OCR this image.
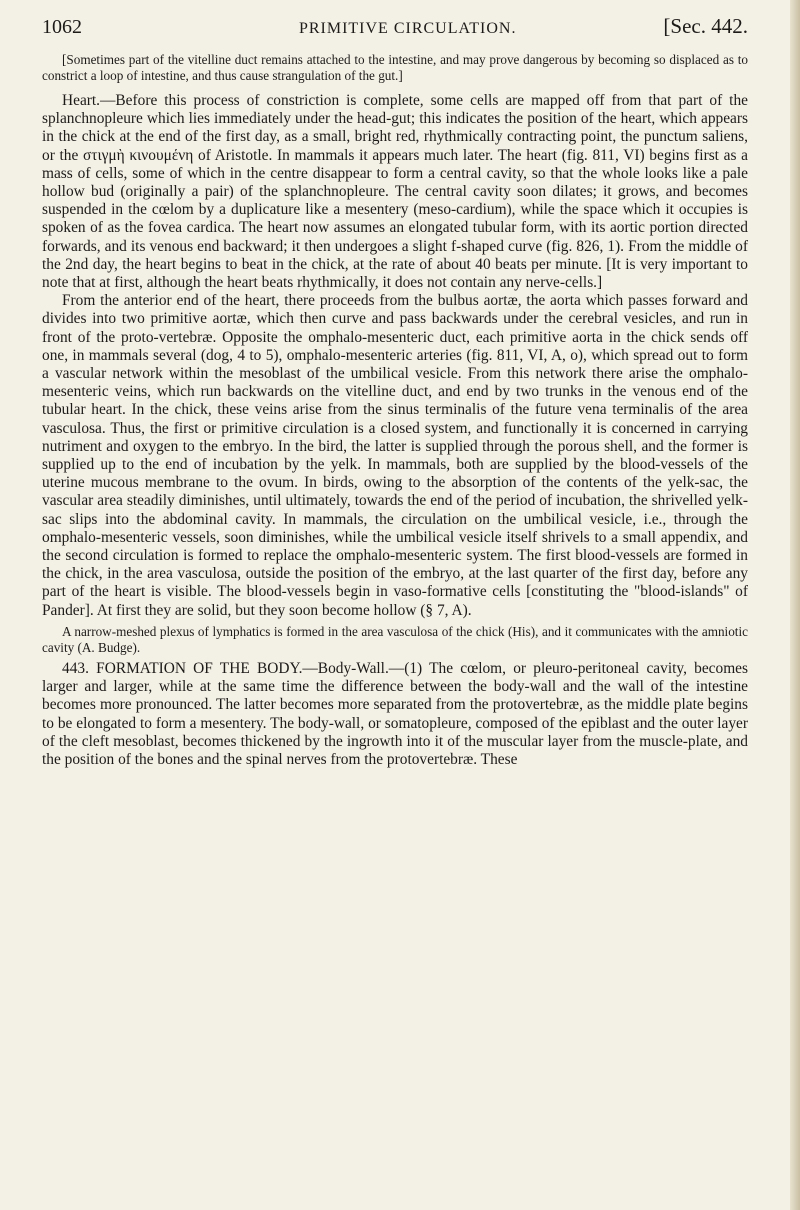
1062	PRIMITIVE CIRCULATION.	[Sec. 442.

[Sometimes part of the vitelline duct remains attached to the intestine, and may prove dangerous by becoming so displaced as to constrict a loop of intestine, and thus cause strangulation of the gut.]

Heart.—Before this process of constriction is complete, some cells are mapped off from that part of the splanchnopleure which lies immediately under the head-gut; this indicates the position of the heart, which appears in the chick at the end of the first day, as a small, bright red, rhythmically contracting point, the punctum saliens, or the στιγμὴ κινουμένη of Aristotle. In mammals it appears much later. The heart (fig. 811, VI) begins first as a mass of cells, some of which in the centre disappear to form a central cavity, so that the whole looks like a pale hollow bud (originally a pair) of the splanchnopleure. The central cavity soon dilates; it grows, and becomes suspended in the cœlom by a duplicature like a mesentery (meso-cardium), while the space which it occupies is spoken of as the fovea cardica. The heart now assumes an elongated tubular form, with its aortic portion directed forwards, and its venous end backward; it then undergoes a slight f-shaped curve (fig. 826, 1). From the middle of the 2nd day, the heart begins to beat in the chick, at the rate of about 40 beats per minute. [It is very important to note that at first, although the heart beats rhythmically, it does not contain any nerve-cells.]

From the anterior end of the heart, there proceeds from the bulbus aortæ, the aorta which passes forward and divides into two primitive aortæ, which then curve and pass backwards under the cerebral vesicles, and run in front of the proto-vertebræ. Opposite the omphalo-mesenteric duct, each primitive aorta in the chick sends off one, in mammals several (dog, 4 to 5), omphalo-mesenteric arteries (fig. 811, VI, A, o), which spread out to form a vascular network within the mesoblast of the umbilical vesicle. From this network there arise the omphalo-mesenteric veins, which run backwards on the vitelline duct, and end by two trunks in the venous end of the tubular heart. In the chick, these veins arise from the sinus terminalis of the future vena terminalis of the area vasculosa. Thus, the first or primitive circulation is a closed system, and functionally it is concerned in carrying nutriment and oxygen to the embryo. In the bird, the latter is supplied through the porous shell, and the former is supplied up to the end of incubation by the yelk. In mammals, both are supplied by the blood-vessels of the uterine mucous membrane to the ovum. In birds, owing to the absorption of the contents of the yelk-sac, the vascular area steadily diminishes, until ultimately, towards the end of the period of incubation, the shrivelled yelk-sac slips into the abdominal cavity. In mammals, the circulation on the umbilical vesicle, i.e., through the omphalo-mesenteric vessels, soon diminishes, while the umbilical vesicle itself shrivels to a small appendix, and the second circulation is formed to replace the omphalo-mesenteric system. The first blood-vessels are formed in the chick, in the area vasculosa, outside the position of the embryo, at the last quarter of the first day, before any part of the heart is visible. The blood-vessels begin in vaso-formative cells [constituting the "blood-islands" of Pander]. At first they are solid, but they soon become hollow (§ 7, A).

A narrow-meshed plexus of lymphatics is formed in the area vasculosa of the chick (His), and it communicates with the amniotic cavity (A. Budge).

443. FORMATION OF THE BODY.—Body-Wall.—(1) The cœlom, or pleuro-peritoneal cavity, becomes larger and larger, while at the same time the difference between the body-wall and the wall of the intestine becomes more pronounced. The latter becomes more separated from the protovertebræ, as the middle plate begins to be elongated to form a mesentery. The body-wall, or somatopleure, composed of the epiblast and the outer layer of the cleft mesoblast, becomes thickened by the ingrowth into it of the muscular layer from the muscle-plate, and the position of the bones and the spinal nerves from the protovertebræ. These
